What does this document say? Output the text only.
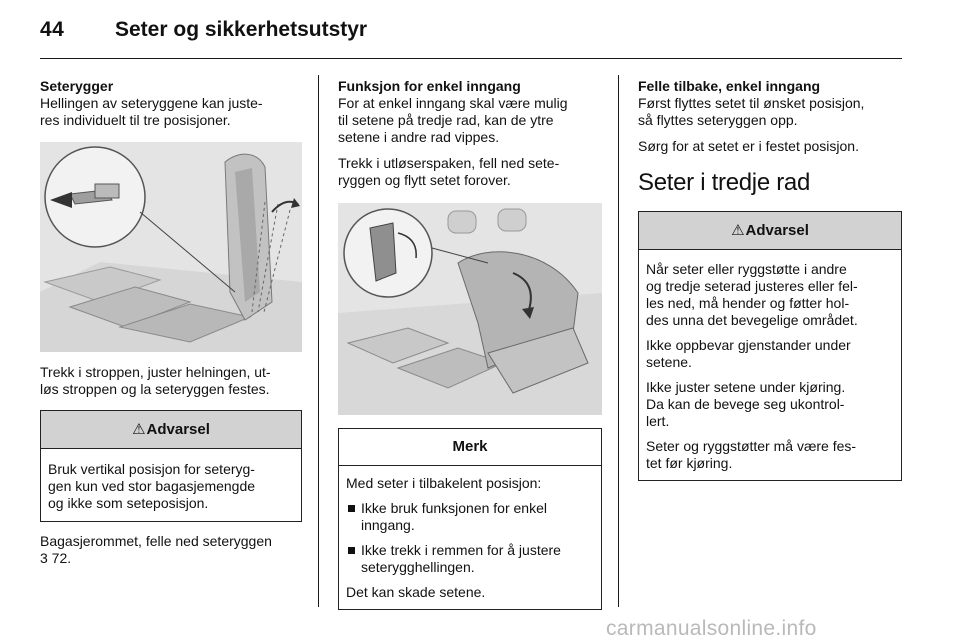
44 Seter og sikkerhetsutstyr

Seterygger

Hellingen av seteryggene kan juste-

res individuelt til tre posisjoner.

Trekk i stroppen, juster helningen, ut-

løs stroppen og la seteryggen festes.

⚠Advarsel
Bruk vertikal posisjon for seteryg-
gen kun ved stor bagasjemengde
og ikke som seteposisjon.

Bagasjerommet, felle ned seteryggen

3 72.

Funksjon for enkel inngang

For at enkel inngang skal være mulig

til setene på tredje rad, kan de ytre

setene i andre rad vippes.

Trekk i utløserspaken, fell ned sete-

ryggen og flytt setet forover.

Merk

Med seter i tilbakelent posisjon:

Ikke bruk funksjonen for enkel
inngang.
Ikke trekk i remmen for å justere
seterygghellingen.

Det kan skade setene.

Felle tilbake, enkel inngang

Først flyttes setet til ønsket posisjon,

så flyttes seteryggen opp.

Sørg for at setet er i festet posisjon.

Seter i tredje rad
⚠Advarsel

Når seter eller ryggstøtte i andre
og tredje seterad justeres eller fel-
les ned, må hender og føtter hol-
des unna det bevegelige området.

Ikke oppbevar gjenstander under
setene.

Ikke juster setene under kjøring.
Da kan de bevege seg ukontrol-
lert.

Seter og ryggstøtter må være fes-
tet før kjøring.

carmanualsonline.info
